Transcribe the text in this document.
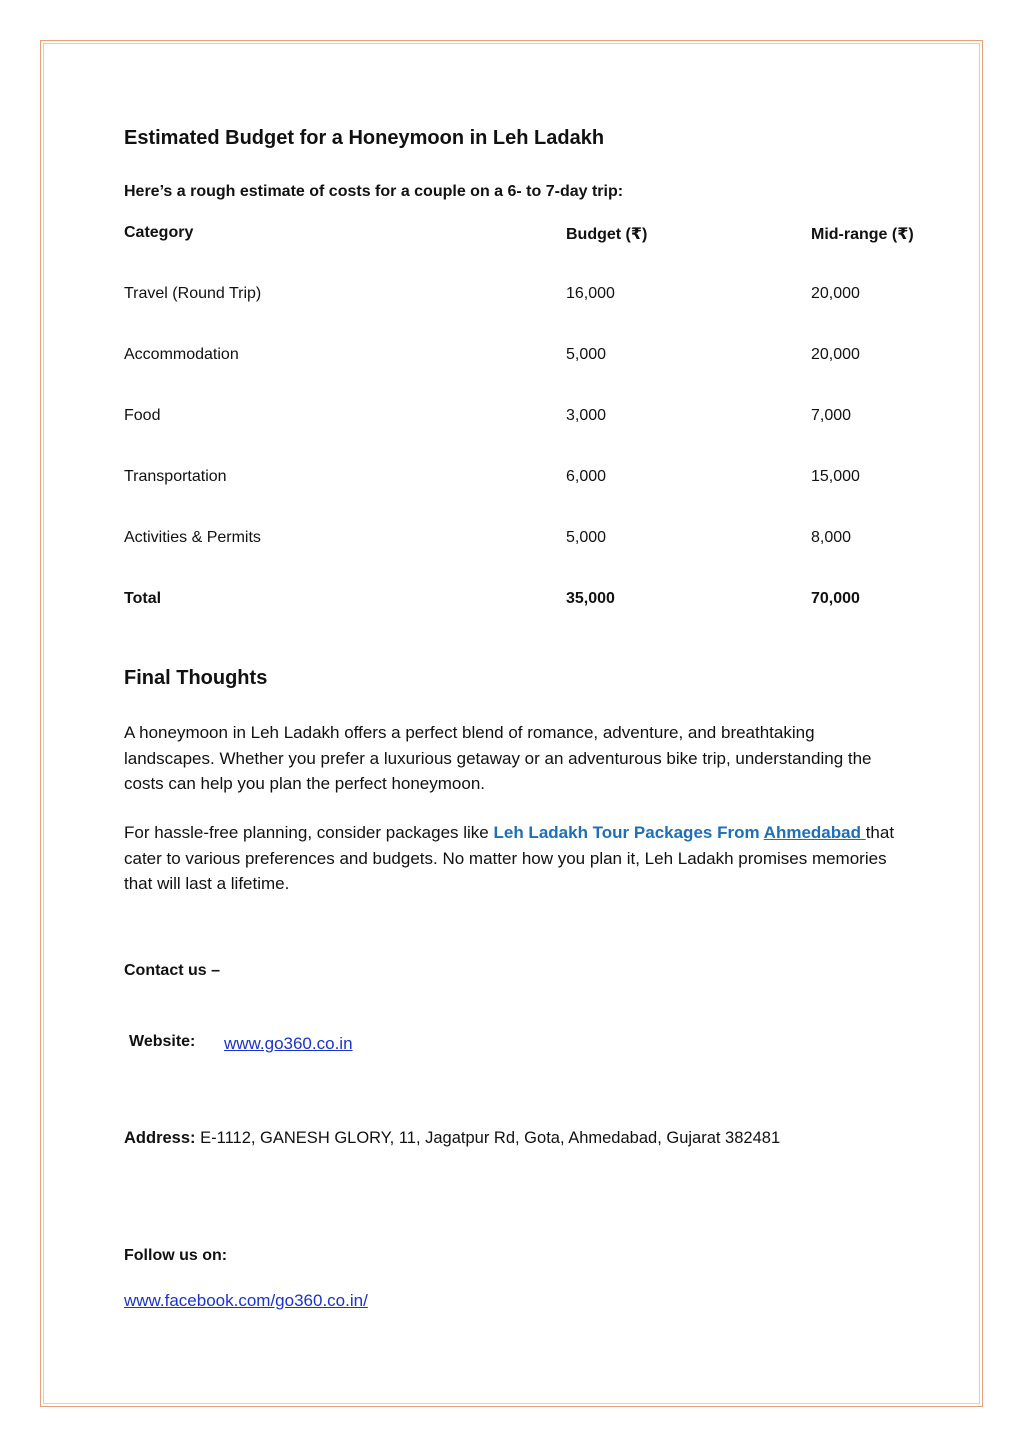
Estimated Budget for a Honeymoon in Leh Ladakh
Here’s a rough estimate of costs for a couple on a 6- to 7-day trip:
Category	Budget (₹)	Mid-range (₹)
Travel (Round Trip)	16,000	20,000
Accommodation	5,000	20,000
Food	3,000	7,000
Transportation	6,000	15,000
Activities & Permits	5,000	8,000
Total	35,000	70,000
Final Thoughts

A honeymoon in Leh Ladakh offers a perfect blend of romance, adventure, and breathtaking landscapes. Whether you prefer a luxurious getaway or an adventurous bike trip, understanding the costs can help you plan the perfect honeymoon.

For hassle-free planning, consider packages like Leh Ladakh Tour Packages From Ahmedabad that cater to various preferences and budgets. No matter how you plan it, Leh Ladakh promises memories that will last a lifetime.

Contact us –
Website: www.go360.co.in
Address: E-1112, GANESH GLORY, 11, Jagatpur Rd, Gota, Ahmedabad, Gujarat 382481
Follow us on:
www.facebook.com/go360.co.in/
